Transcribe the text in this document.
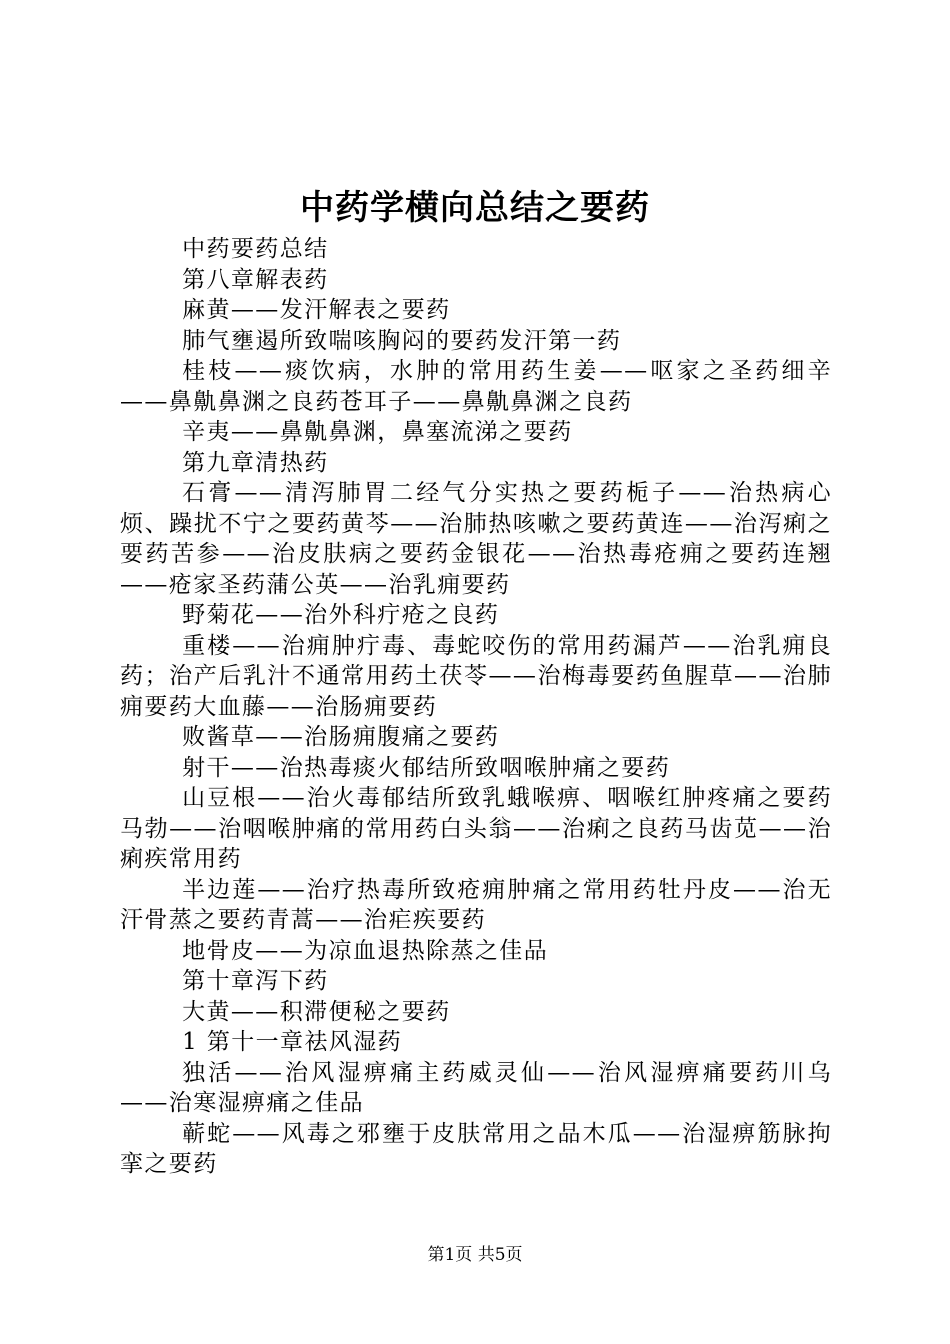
中药学横向总结之要药

中药要药总结

第八章解表药

麻黄——发汗解表之要药

肺气壅遏所致喘咳胸闷的要药发汗第一药

桂枝——痰饮病，水肿的常用药生姜——呕家之圣药细辛——鼻鼽鼻渊之良药苍耳子——鼻鼽鼻渊之良药

辛夷——鼻鼽鼻渊，鼻塞流涕之要药

第九章清热药

石膏——清泻肺胃二经气分实热之要药栀子——治热病心烦、躁扰不宁之要药黄芩——治肺热咳嗽之要药黄连——治泻痢之要药苦参——治皮肤病之要药金银花——治热毒疮痈之要药连翘——疮家圣药蒲公英——治乳痈要药

野菊花——治外科疔疮之良药

重楼——治痈肿疔毒、毒蛇咬伤的常用药漏芦——治乳痈良药；治产后乳汁不通常用药土茯苓——治梅毒要药鱼腥草——治肺痈要药大血藤——治肠痈要药

败酱草——治肠痈腹痛之要药

射干——治热毒痰火郁结所致咽喉肿痛之要药

山豆根——治火毒郁结所致乳蛾喉痹、咽喉红肿疼痛之要药马勃——治咽喉肿痛的常用药白头翁——治痢之良药马齿苋——治痢疾常用药

半边莲——治疗热毒所致疮痈肿痛之常用药牡丹皮——治无汗骨蒸之要药青蒿——治疟疾要药

地骨皮——为凉血退热除蒸之佳品

第十章泻下药

大黄——积滞便秘之要药

1 第十一章祛风湿药

独活——治风湿痹痛主药威灵仙——治风湿痹痛要药川乌——治寒湿痹痛之佳品

蕲蛇——风毒之邪壅于皮肤常用之品木瓜——治湿痹筋脉拘挛之要药

第1页 共5页
